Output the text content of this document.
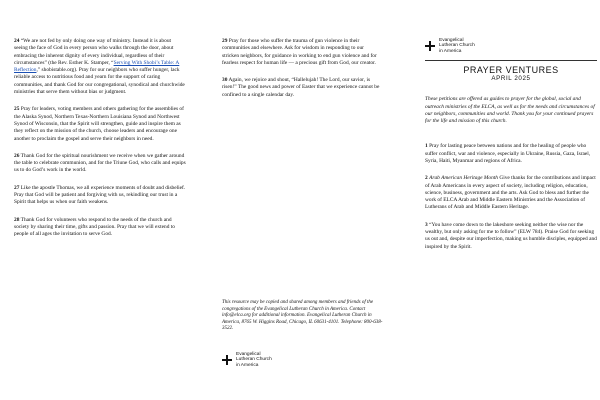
24 “We are not fed by only doing one way of ministry. Instead it is about seeing the face of God in every person who walks through the door, about embracing the inherent dignity of every individual, regardless of their circumstances” (the Rev. Esther K. Stamper, “Serving With Shobi’s Table: A Reflection,” shobistable.org). Pray for our neighbors who suffer hunger, lack reliable access to nutritious food and yearn for the support of caring communities, and thank God for our congregational, synodical and churchwide ministries that serve them without bias or judgment.

25 Pray for leaders, voting members and others gathering for the assemblies of the Alaska Synod, Northern Texas-Northern Louisiana Synod and Northwest Synod of Wisconsin, that the Spirit will strengthen, guide and inspire them as they reflect on the mission of the church, choose leaders and encourage one another to proclaim the gospel and serve their neighbors in need.

26 Thank God for the spiritual nourishment we receive when we gather around the table to celebrate communion, and for the Triune God, who calls and equips us to do God’s work in the world.

27 Like the apostle Thomas, we all experience moments of doubt and disbelief. Pray that God will be patient and forgiving with us, rekindling our trust in a Spirit that helps us when our faith weakens.

28 Thank God for volunteers who respond to the needs of the church and society by sharing their time, gifts and passion. Pray that we will extend to people of all ages the invitation to serve God.

29 Pray for those who suffer the trauma of gun violence in their communities and elsewhere. Ask for wisdom in responding to our stricken neighbors, for guidance in working to end gun violence and for fearless respect for human life — a precious gift from God, our creator.

30 Again, we rejoice and shout, “Hallelujah! The Lord, our savior, is risen!” The good news and power of Easter that we experience cannot be confined to a single calendar day.

This resource may be copied and shared among members and friends of the congregations of the Evangelical Lutheran Church in America. Contact info@elca.org for additional information. Evangelical Lutheran Church in America, 8765 W. Higgins Road, Chicago, IL 60631-4101. Telephone: 800-638-3522.

Evangelical
Lutheran Church
in America
Evangelical
Lutheran Church
in America
PRAYER VENTURES
APRIL 2025

These petitions are offered as guides to prayer for the global, social and outreach ministries of the ELCA, as well as for the needs and circumstances of our neighbors, communities and world. Thank you for your continued prayers for the life and mission of this church.

1 Pray for lasting peace between nations and for the healing of people who suffer conflict, war and violence, especially in Ukraine, Russia, Gaza, Israel, Syria, Haiti, Myanmar and regions of Africa.

2 Arab American Heritage Month Give thanks for the contributions and impact of Arab Americans in every aspect of society, including religion, education, science, business, government and the arts. Ask God to bless and further the work of ELCA Arab and Middle Eastern Ministries and the Association of Lutherans of Arab and Middle Eastern Heritage.

3 “You have come down to the lakeshore seeking neither the wise nor the wealthy, but only asking for me to follow” (ELW 784). Praise God for seeking us out and, despite our imperfection, making us humble disciples, equipped and inspired by the Spirit.
